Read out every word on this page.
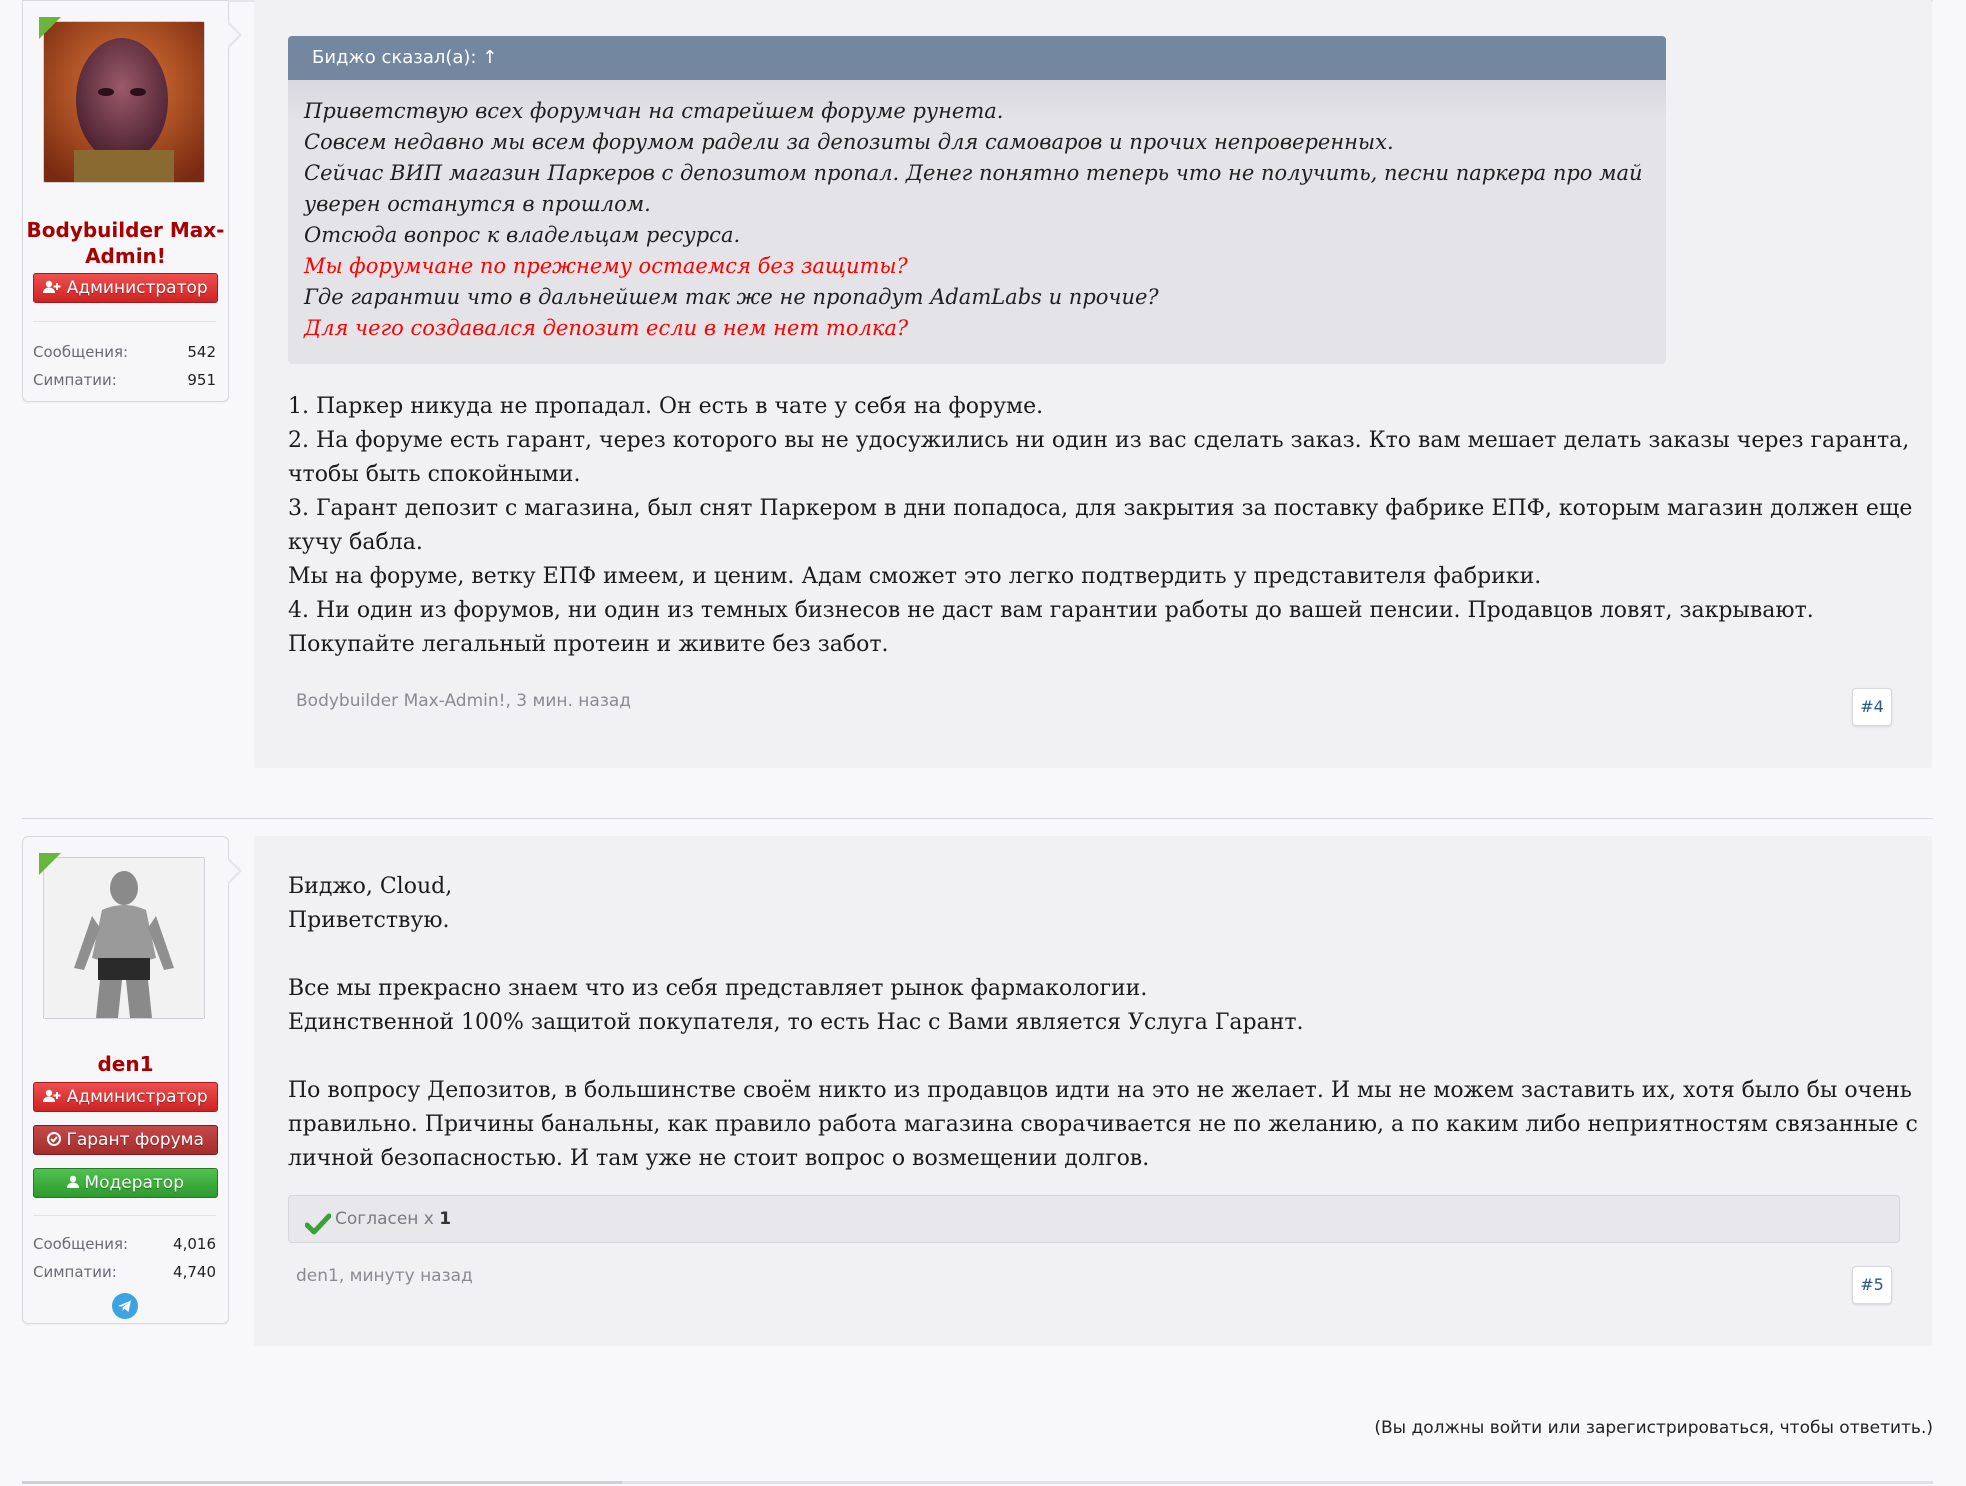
Bodybuilder Max-Admin!
Администратор
Сообщения:	542
Симпатии:	951
Биджо сказал(а): ↑
Приветствую всех форумчан на старейшем форуме рунета.
Совсем недавно мы всем форумом радели за депозиты для самоваров и прочих непроверенных.
Сейчас ВИП магазин Паркеров с депозитом пропал. Денег понятно теперь что не получить, песни паркера про май уверен останутся в прошлом.
Отсюда вопрос к владельцам ресурса.
Мы форумчане по прежнему остаемся без защиты?
Где гарантии что в дальнейшем так же не пропадут AdamLabs и прочие?
Для чего создавался депозит если в нем нет толка?

1. Паркер никуда не пропадал. Он есть в чате у себя на форуме.

2. На форуме есть гарант, через которого вы не удосужились ни один из вас сделать заказ. Кто вам мешает делать заказы через гаранта, чтобы быть спокойными.

3. Гарант депозит с магазина, был снят Паркером в дни попадоса, для закрытия за поставку фабрике ЕПФ, которым магазин должен еще кучу бабла.

Мы на форуме, ветку ЕПФ имеем, и ценим. Адам сможет это легко подтвердить у представителя фабрики.

4. Ни один из форумов, ни один из темных бизнесов не даст вам гарантии работы до вашей пенсии. Продавцов ловят, закрывают. Покупайте легальный протеин и живите без забот.

Bodybuilder Max-Admin!, 3 мин. назад	#4
den1
Администратор
Гарант форума
Модератор
Сообщения:	4,016
Симпатии:	4,740

Биджо, Cloud,

Приветствую.

Все мы прекрасно знаем что из себя представляет рынок фармакологии.

Единственной 100% защитой покупателя, то есть Нас с Вами является Услуга Гарант.

По вопросу Депозитов, в большинстве своём никто из продавцов идти на это не желает. И мы не можем заставить их, хотя было бы очень правильно. Причины банальны, как правило работа магазина сворачивается не по желанию, а по каким либо неприятностям связанные с личной безопасностью. И там уже не стоит вопрос о возмещении долгов.

Согласен x 1
den1, минуту назад	#5
(Вы должны войти или зарегистрироваться, чтобы ответить.)
